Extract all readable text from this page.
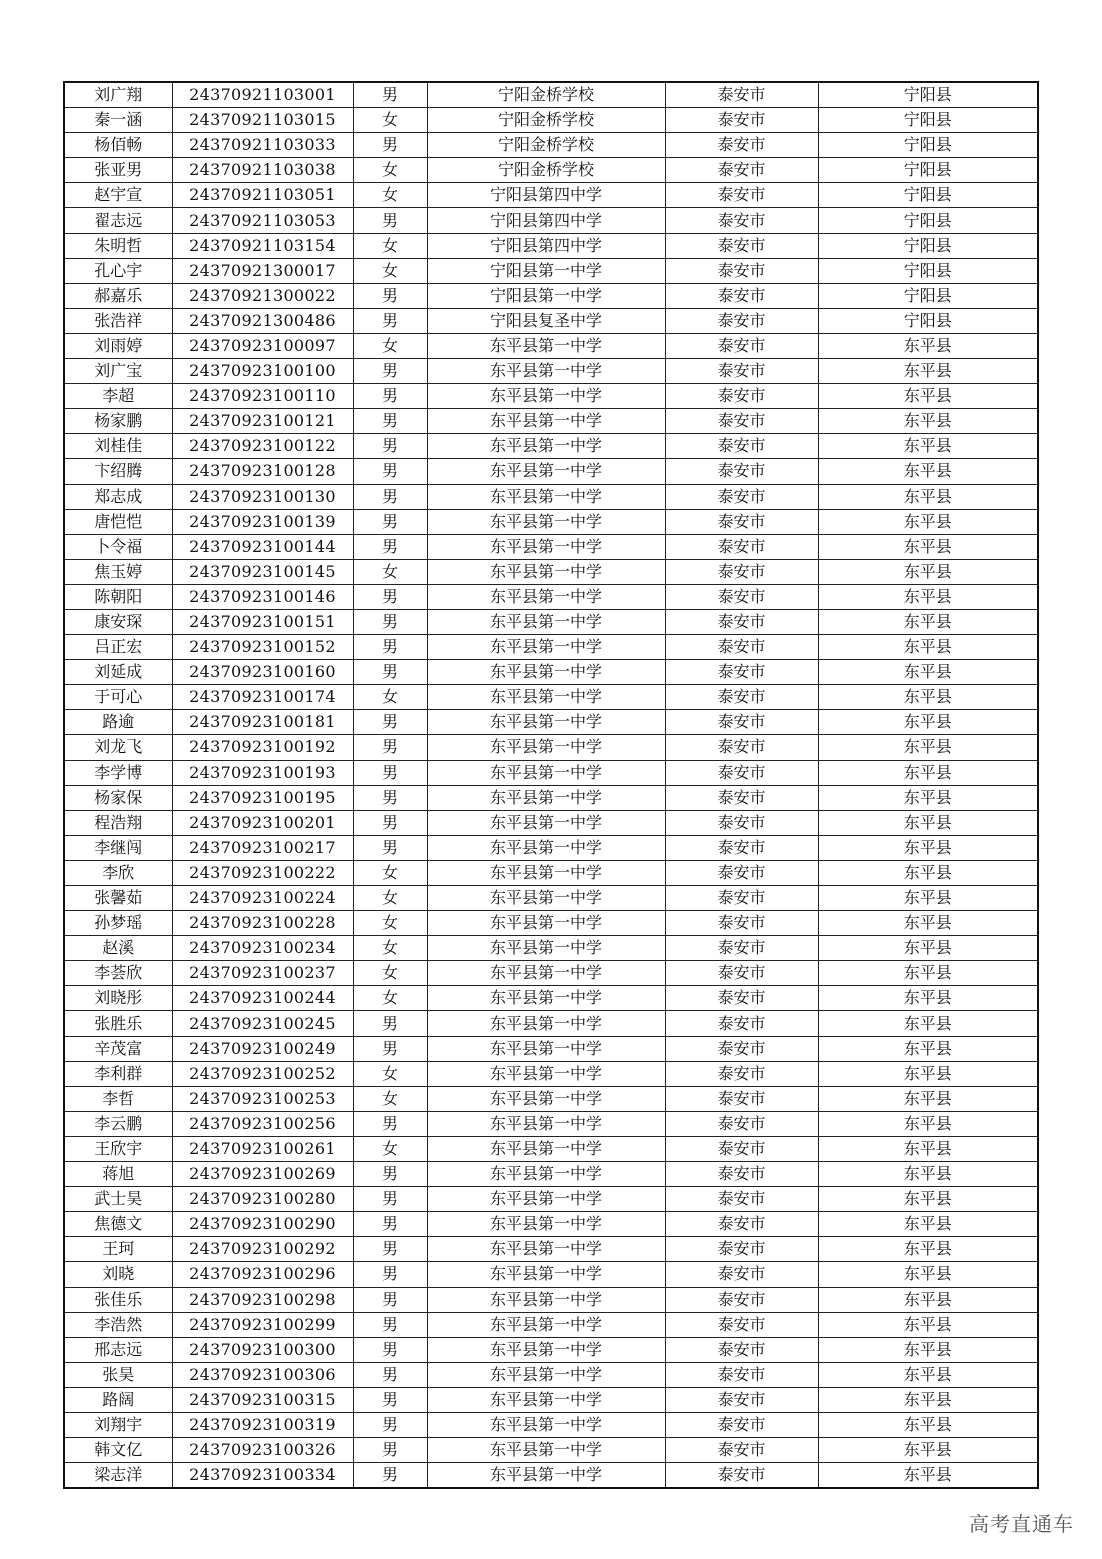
刘广翔	24370921103001	男	宁阳金桥学校	泰安市	宁阳县
秦一涵	24370921103015	女	宁阳金桥学校	泰安市	宁阳县
杨佰畅	24370921103033	男	宁阳金桥学校	泰安市	宁阳县
张亚男	24370921103038	女	宁阳金桥学校	泰安市	宁阳县
赵宇宣	24370921103051	女	宁阳县第四中学	泰安市	宁阳县
翟志远	24370921103053	男	宁阳县第四中学	泰安市	宁阳县
朱明哲	24370921103154	女	宁阳县第四中学	泰安市	宁阳县
孔心宇	24370921300017	女	宁阳县第一中学	泰安市	宁阳县
郝嘉乐	24370921300022	男	宁阳县第一中学	泰安市	宁阳县
张浩祥	24370921300486	男	宁阳县复圣中学	泰安市	宁阳县
刘雨婷	24370923100097	女	东平县第一中学	泰安市	东平县
刘广宝	24370923100100	男	东平县第一中学	泰安市	东平县
李超	24370923100110	男	东平县第一中学	泰安市	东平县
杨家鹏	24370923100121	男	东平县第一中学	泰安市	东平县
刘桂佳	24370923100122	男	东平县第一中学	泰安市	东平县
卞绍腾	24370923100128	男	东平县第一中学	泰安市	东平县
郑志成	24370923100130	男	东平县第一中学	泰安市	东平县
唐恺恺	24370923100139	男	东平县第一中学	泰安市	东平县
卜令福	24370923100144	男	东平县第一中学	泰安市	东平县
焦玉婷	24370923100145	女	东平县第一中学	泰安市	东平县
陈朝阳	24370923100146	男	东平县第一中学	泰安市	东平县
康安琛	24370923100151	男	东平县第一中学	泰安市	东平县
吕正宏	24370923100152	男	东平县第一中学	泰安市	东平县
刘延成	24370923100160	男	东平县第一中学	泰安市	东平县
于可心	24370923100174	女	东平县第一中学	泰安市	东平县
路逾	24370923100181	男	东平县第一中学	泰安市	东平县
刘龙飞	24370923100192	男	东平县第一中学	泰安市	东平县
李学博	24370923100193	男	东平县第一中学	泰安市	东平县
杨家保	24370923100195	男	东平县第一中学	泰安市	东平县
程浩翔	24370923100201	男	东平县第一中学	泰安市	东平县
李继闯	24370923100217	男	东平县第一中学	泰安市	东平县
李欣	24370923100222	女	东平县第一中学	泰安市	东平县
张馨茹	24370923100224	女	东平县第一中学	泰安市	东平县
孙梦瑶	24370923100228	女	东平县第一中学	泰安市	东平县
赵溪	24370923100234	女	东平县第一中学	泰安市	东平县
李荟欣	24370923100237	女	东平县第一中学	泰安市	东平县
刘晓彤	24370923100244	女	东平县第一中学	泰安市	东平县
张胜乐	24370923100245	男	东平县第一中学	泰安市	东平县
辛茂富	24370923100249	男	东平县第一中学	泰安市	东平县
李利群	24370923100252	女	东平县第一中学	泰安市	东平县
李哲	24370923100253	女	东平县第一中学	泰安市	东平县
李云鹏	24370923100256	男	东平县第一中学	泰安市	东平县
王欣宇	24370923100261	女	东平县第一中学	泰安市	东平县
蒋旭	24370923100269	男	东平县第一中学	泰安市	东平县
武士昊	24370923100280	男	东平县第一中学	泰安市	东平县
焦德文	24370923100290	男	东平县第一中学	泰安市	东平县
王珂	24370923100292	男	东平县第一中学	泰安市	东平县
刘晓	24370923100296	男	东平县第一中学	泰安市	东平县
张佳乐	24370923100298	男	东平县第一中学	泰安市	东平县
李浩然	24370923100299	男	东平县第一中学	泰安市	东平县
邢志远	24370923100300	男	东平县第一中学	泰安市	东平县
张昊	24370923100306	男	东平县第一中学	泰安市	东平县
路阔	24370923100315	男	东平县第一中学	泰安市	东平县
刘翔宇	24370923100319	男	东平县第一中学	泰安市	东平县
韩文亿	24370923100326	男	东平县第一中学	泰安市	东平县
梁志洋	24370923100334	男	东平县第一中学	泰安市	东平县
高考直通车
